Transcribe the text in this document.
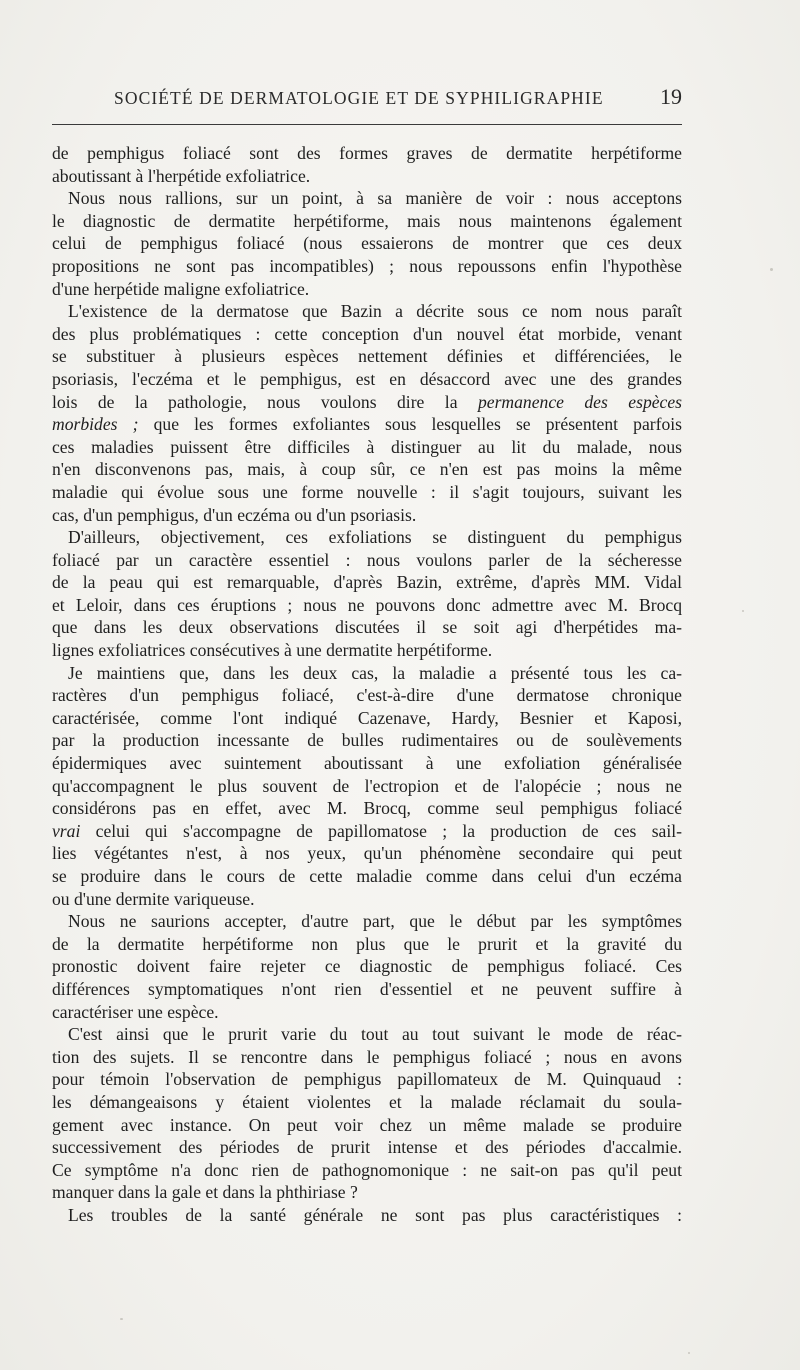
SOCIÉTÉ DE DERMATOLOGIE ET DE SYPHILIGRAPHIE	19
de pemphigus foliacé sont des formes graves de dermatite herpétiforme
aboutissant à l'herpétide exfoliatrice.
Nous nous rallions, sur un point, à sa manière de voir : nous acceptons
le diagnostic de dermatite herpétiforme, mais nous maintenons également
celui de pemphigus foliacé (nous essaierons de montrer que ces deux
propositions ne sont pas incompatibles) ; nous repoussons enfin l'hypothèse
d'une herpétide maligne exfoliatrice.
L'existence de la dermatose que Bazin a décrite sous ce nom nous paraît
des plus problématiques : cette conception d'un nouvel état morbide, venant
se substituer à plusieurs espèces nettement définies et différenciées, le
psoriasis, l'eczéma et le pemphigus, est en désaccord avec une des grandes
lois de la pathologie, nous voulons dire la permanence des espèces
morbides ; que les formes exfoliantes sous lesquelles se présentent parfois
ces maladies puissent être difficiles à distinguer au lit du malade, nous
n'en disconvenons pas, mais, à coup sûr, ce n'en est pas moins la même
maladie qui évolue sous une forme nouvelle : il s'agit toujours, suivant les
cas, d'un pemphigus, d'un eczéma ou d'un psoriasis.
D'ailleurs, objectivement, ces exfoliations se distinguent du pemphigus
foliacé par un caractère essentiel : nous voulons parler de la sécheresse
de la peau qui est remarquable, d'après Bazin, extrême, d'après MM. Vidal
et Leloir, dans ces éruptions ; nous ne pouvons donc admettre avec M. Brocq
que dans les deux observations discutées il se soit agi d'herpétides ma-
lignes exfoliatrices consécutives à une dermatite herpétiforme.
Je maintiens que, dans les deux cas, la maladie a présenté tous les ca-
ractères d'un pemphigus foliacé, c'est-à-dire d'une dermatose chronique
caractérisée, comme l'ont indiqué Cazenave, Hardy, Besnier et Kaposi,
par la production incessante de bulles rudimentaires ou de soulèvements
épidermiques avec suintement aboutissant à une exfoliation généralisée
qu'accompagnent le plus souvent de l'ectropion et de l'alopécie ; nous ne
considérons pas en effet, avec M. Brocq, comme seul pemphigus foliacé
vrai celui qui s'accompagne de papillomatose ; la production de ces sail-
lies végétantes n'est, à nos yeux, qu'un phénomène secondaire qui peut
se produire dans le cours de cette maladie comme dans celui d'un eczéma
ou d'une dermite variqueuse.
Nous ne saurions accepter, d'autre part, que le début par les symptômes
de la dermatite herpétiforme non plus que le prurit et la gravité du
pronostic doivent faire rejeter ce diagnostic de pemphigus foliacé. Ces
différences symptomatiques n'ont rien d'essentiel et ne peuvent suffire à
caractériser une espèce.
C'est ainsi que le prurit varie du tout au tout suivant le mode de réac-
tion des sujets. Il se rencontre dans le pemphigus foliacé ; nous en avons
pour témoin l'observation de pemphigus papillomateux de M. Quinquaud :
les démangeaisons y étaient violentes et la malade réclamait du soula-
gement avec instance. On peut voir chez un même malade se produire
successivement des périodes de prurit intense et des périodes d'accalmie.
Ce symptôme n'a donc rien de pathognomonique : ne sait-on pas qu'il peut
manquer dans la gale et dans la phthiriase ?
Les troubles de la santé générale ne sont pas plus caractéristiques :
